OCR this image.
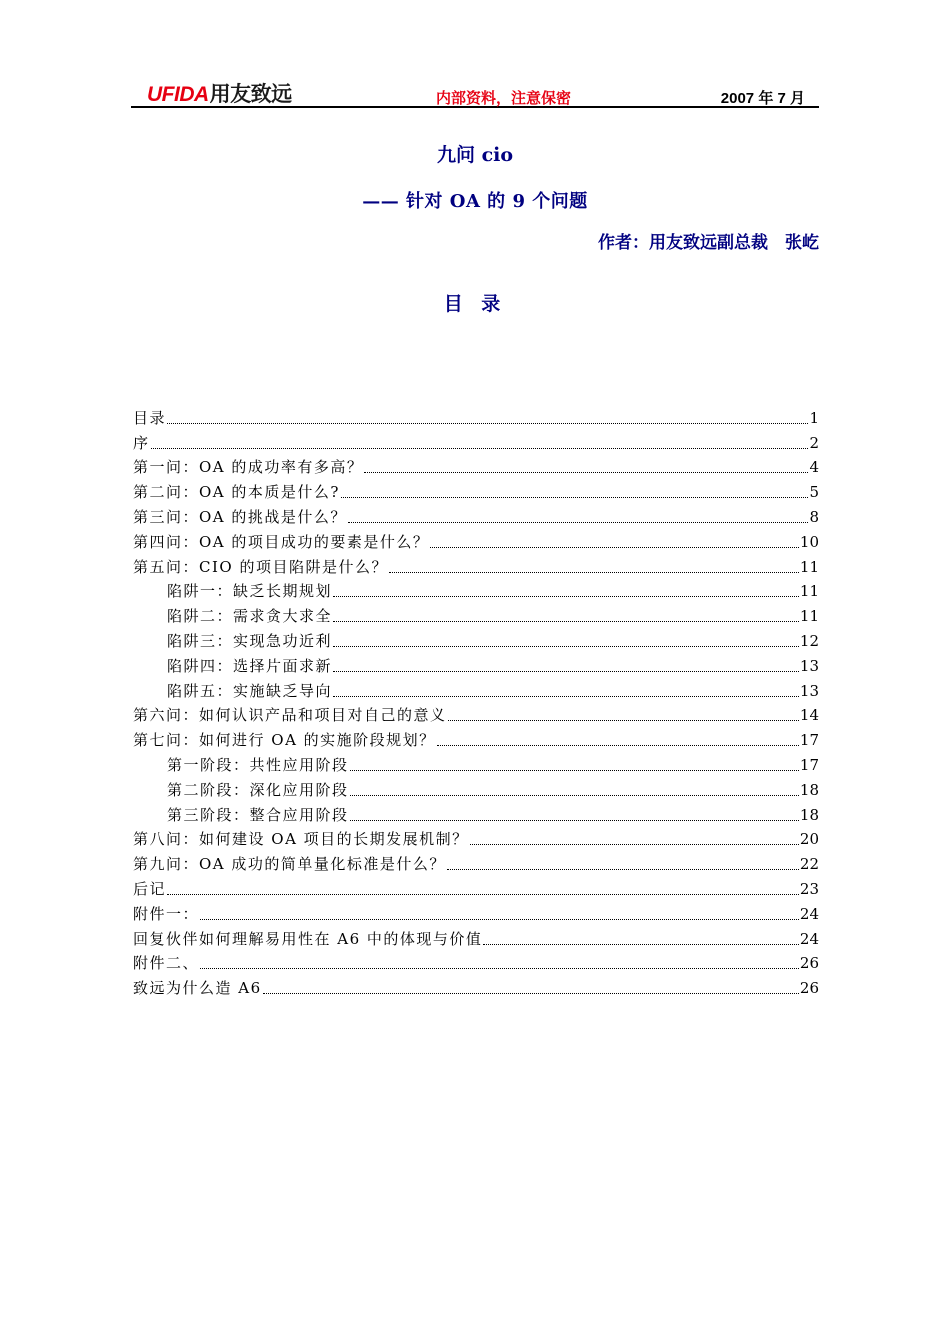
UFIDA用友致远	内部资料，注意保密	2007 年 7 月
九问 cio
—— 针对 OA 的 9 个问题
作者：用友致远副总裁　张屹
目 录
目录	1
序	2
第一问：OA 的成功率有多高？	4
第二问：OA 的本质是什么?	5
第三问：OA 的挑战是什么？	8
第四问：OA 的项目成功的要素是什么？	10
第五问：CIO 的项目陷阱是什么？	11
陷阱一：缺乏长期规划	11
陷阱二：需求贪大求全	11
陷阱三：实现急功近利	12
陷阱四：选择片面求新	13
陷阱五：实施缺乏导向	13
第六问：如何认识产品和项目对自己的意义	14
第七问：如何进行 OA 的实施阶段规划？	17
第一阶段：共性应用阶段	17
第二阶段：深化应用阶段	18
第三阶段：整合应用阶段	18
第八问：如何建设 OA 项目的长期发展机制？	20
第九问：OA 成功的简单量化标准是什么？	22
后记	23
附件一：	24
回复伙伴如何理解易用性在 A6 中的体现与价值	24
附件二、	26
致远为什么造 A6	26
